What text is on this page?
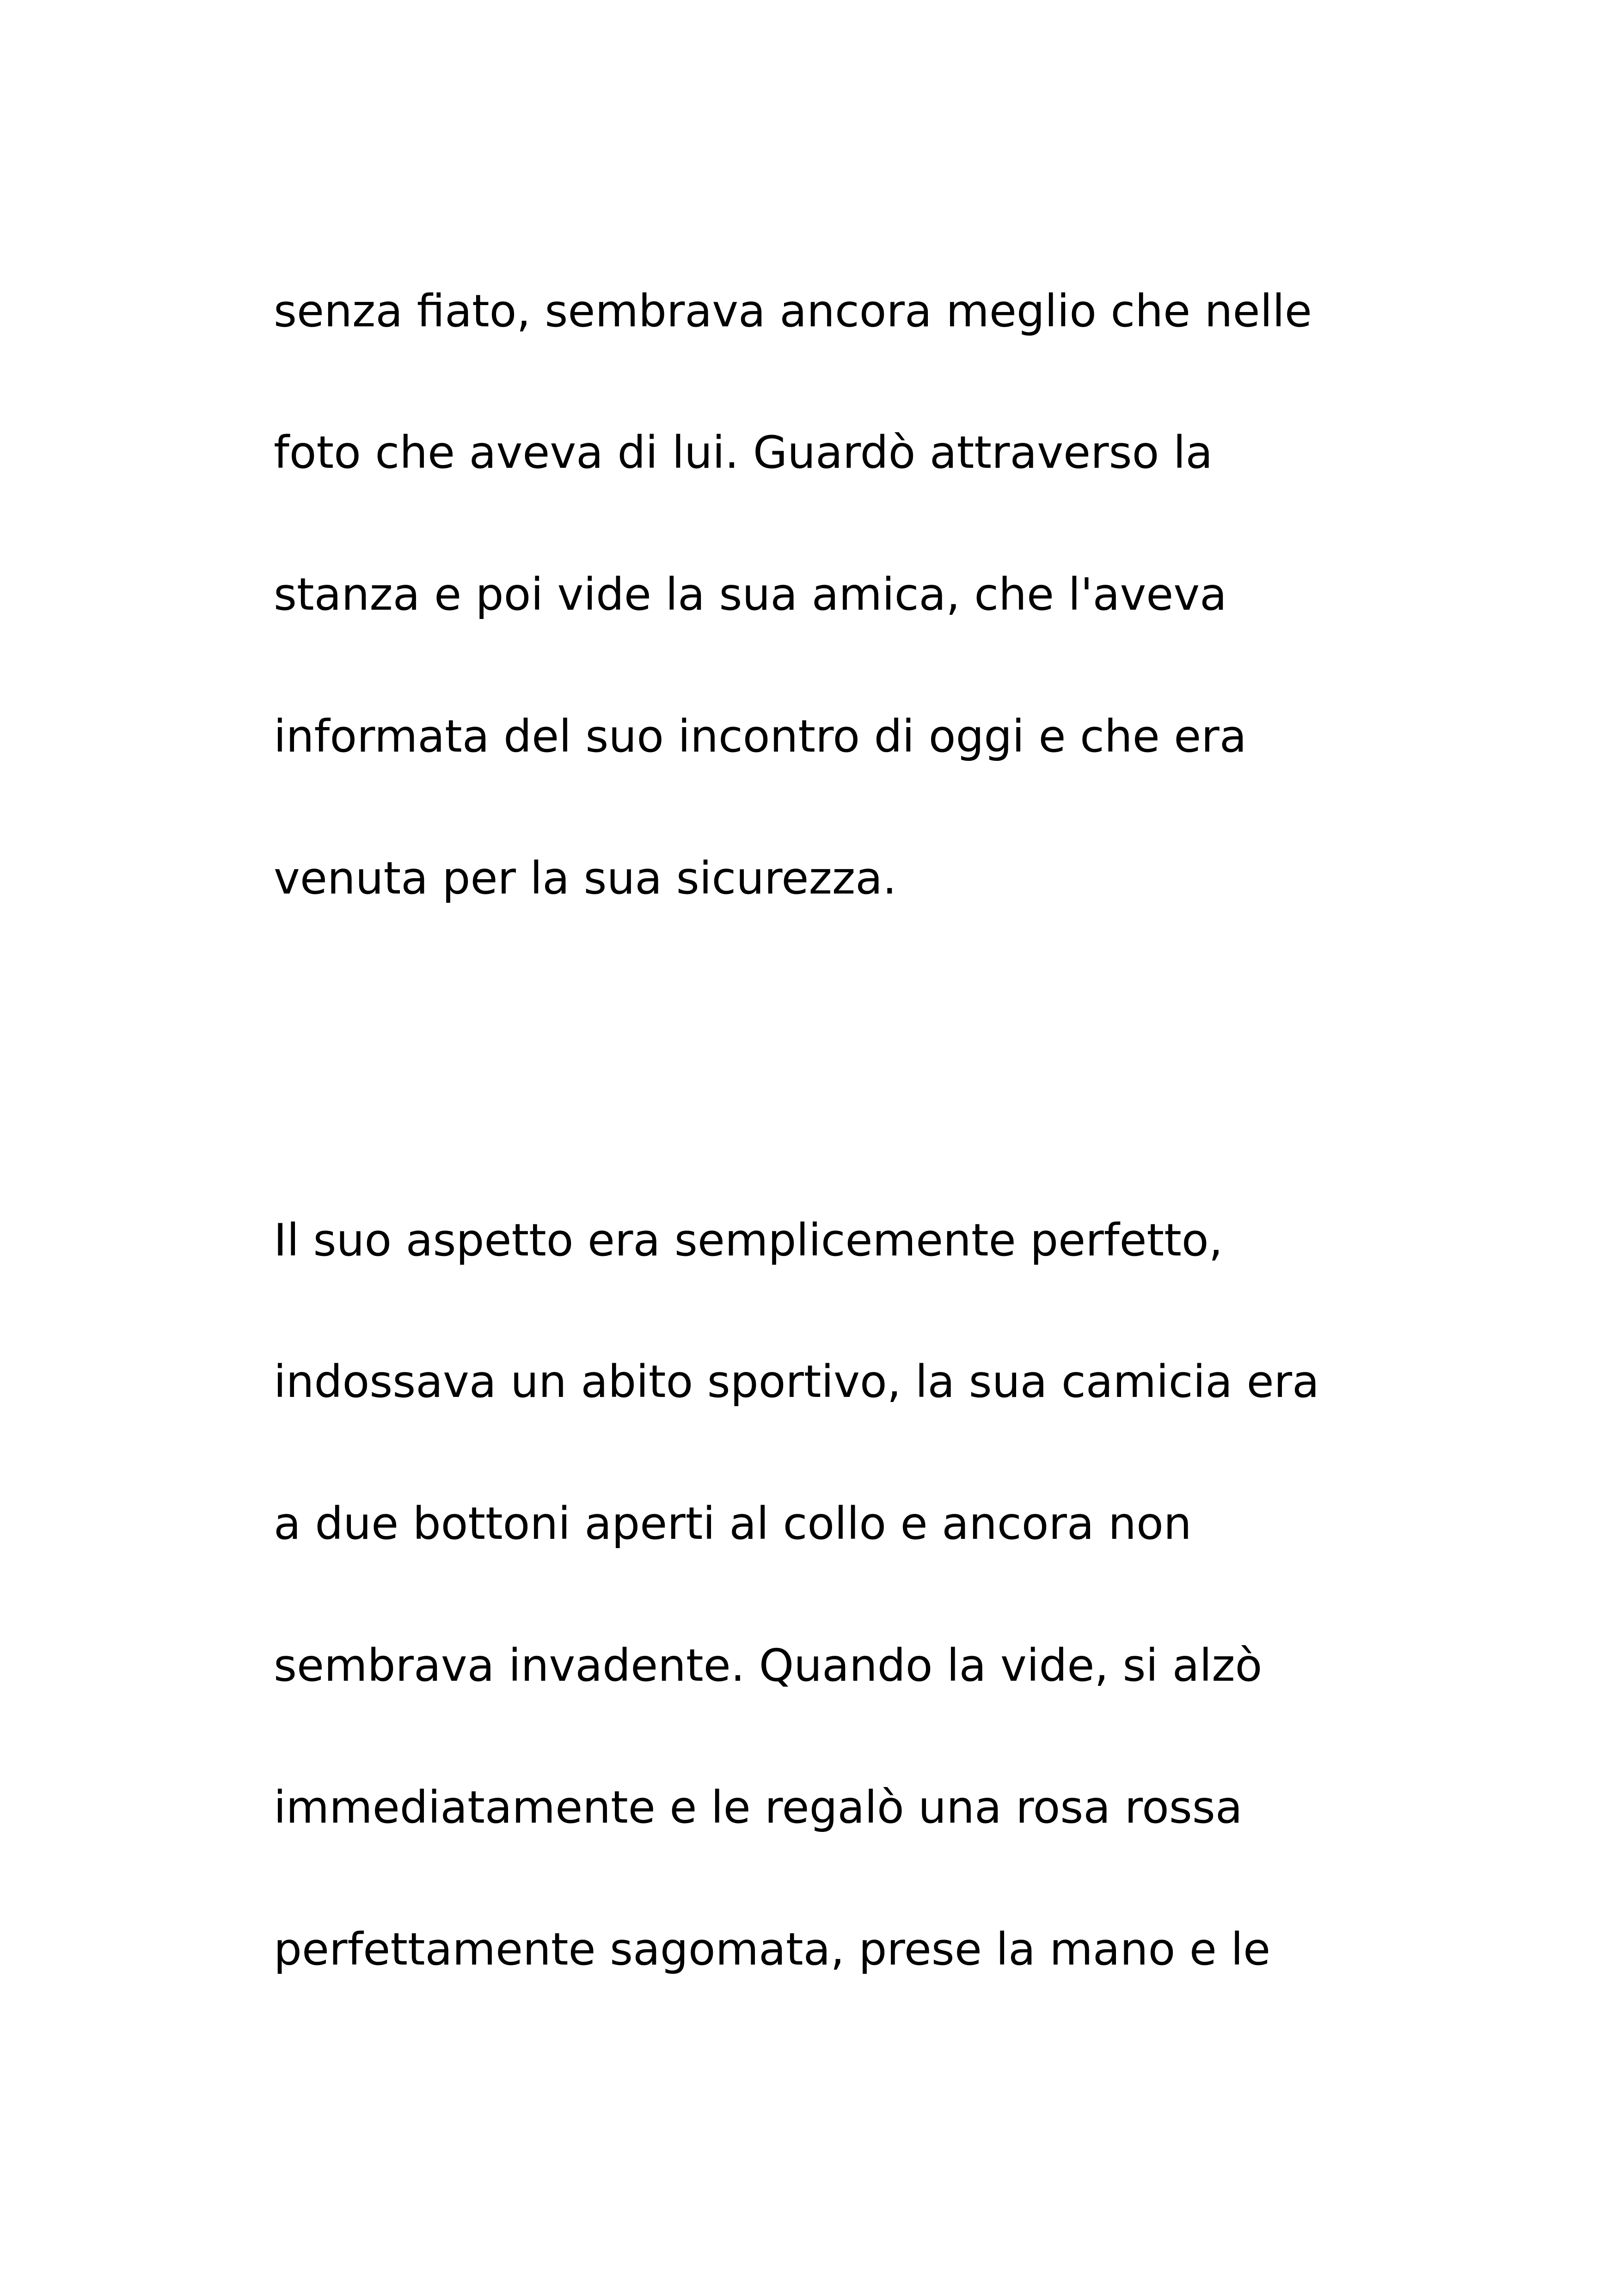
senza fiato, sembrava ancora meglio che nelle

foto che aveva di lui. Guardò attraverso la

stanza e poi vide la sua amica, che l'aveva

informata del suo incontro di oggi e che era

venuta per la sua sicurezza.

Il suo aspetto era semplicemente perfetto,

indossava un abito sportivo, la sua camicia era

a due bottoni aperti al collo e ancora non

sembrava invadente. Quando la vide, si alzò

immediatamente e le regalò una rosa rossa

perfettamente sagomata, prese la mano e le
